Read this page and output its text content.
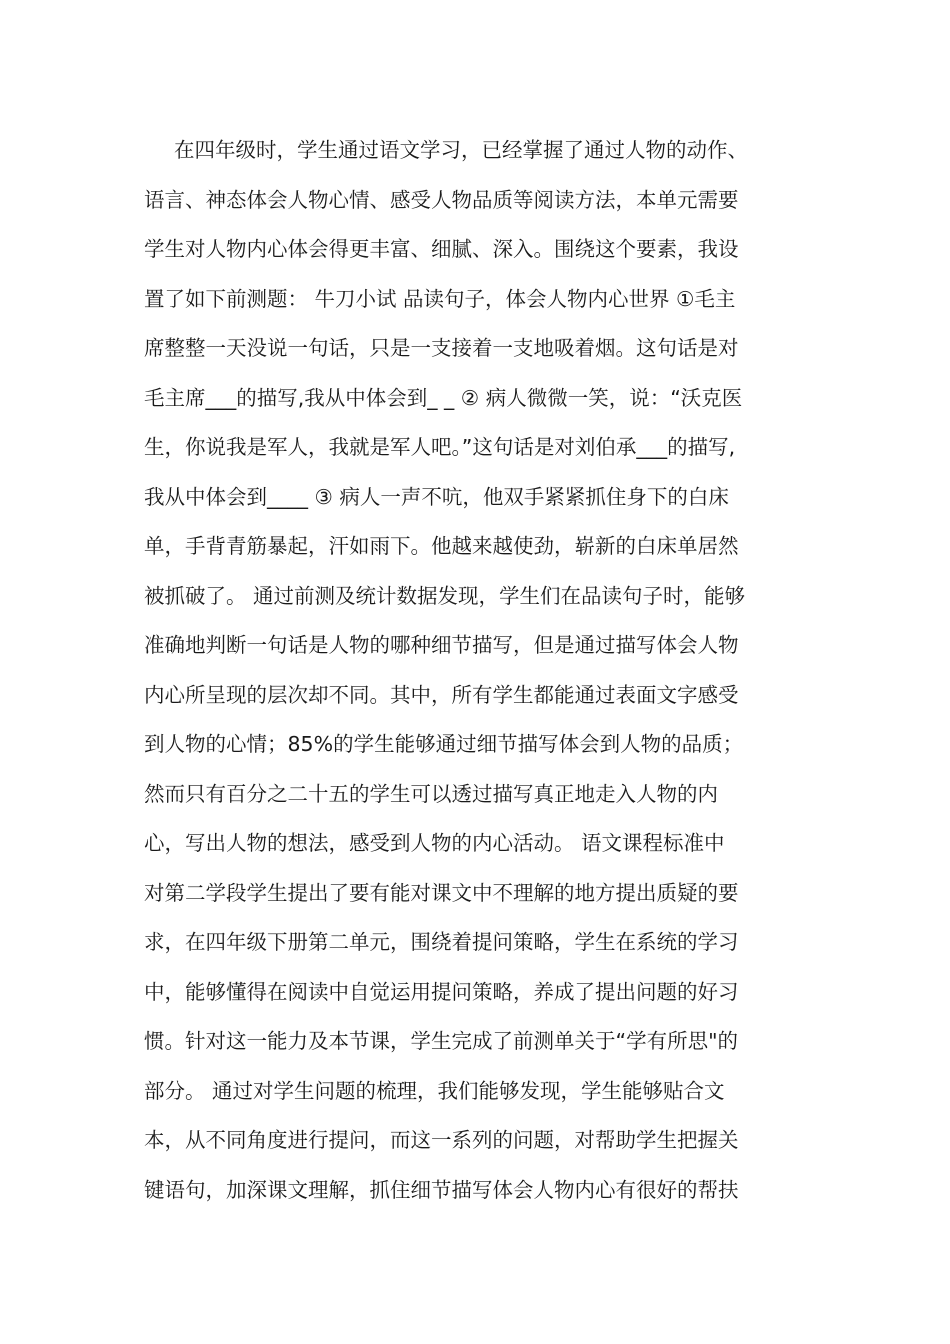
在四年级时，学生通过语文学习，已经掌握了通过人物的动作、
语言、神态体会人物心情、感受人物品质等阅读方法，本单元需要
学生对人物内心体会得更丰富、细腻、深入。围绕这个要素，我设
置了如下前测题： 牛刀小试 品读句子，体会人物内心世界 ①毛主
席整整一天没说一句话，只是一支接着一支地吸着烟。这句话是对
毛主席___的描写,我从中体会到_ _ ② 病人微微一笑，说：“沃克医
生，你说我是军人，我就是军人吧。”这句话是对刘伯承___的描写,
我从中体会到____ ③ 病人一声不吭，他双手紧紧抓住身下的白床
单，手背青筋暴起，汗如雨下。他越来越使劲，崭新的白床单居然
被抓破了。 通过前测及统计数据发现，学生们在品读句子时，能够
准确地判断一句话是人物的哪种细节描写，但是通过描写体会人物
内心所呈现的层次却不同。其中，所有学生都能通过表面文字感受
到人物的心情；85%的学生能够通过细节描写体会到人物的品质；
然而只有百分之二十五的学生可以透过描写真正地走入人物的内
心，写出人物的想法，感受到人物的内心活动。 语文课程标准中
对第二学段学生提出了要有能对课文中不理解的地方提出质疑的要
求，在四年级下册第二单元，围绕着提问策略，学生在系统的学习
中，能够懂得在阅读中自觉运用提问策略，养成了提出问题的好习
惯。针对这一能力及本节课，学生完成了前测单关于“学有所思"的
部分。 通过对学生问题的梳理，我们能够发现，学生能够贴合文
本，从不同角度进行提问，而这一系列的问题，对帮助学生把握关
键语句，加深课文理解，抓住细节描写体会人物内心有很好的帮扶
